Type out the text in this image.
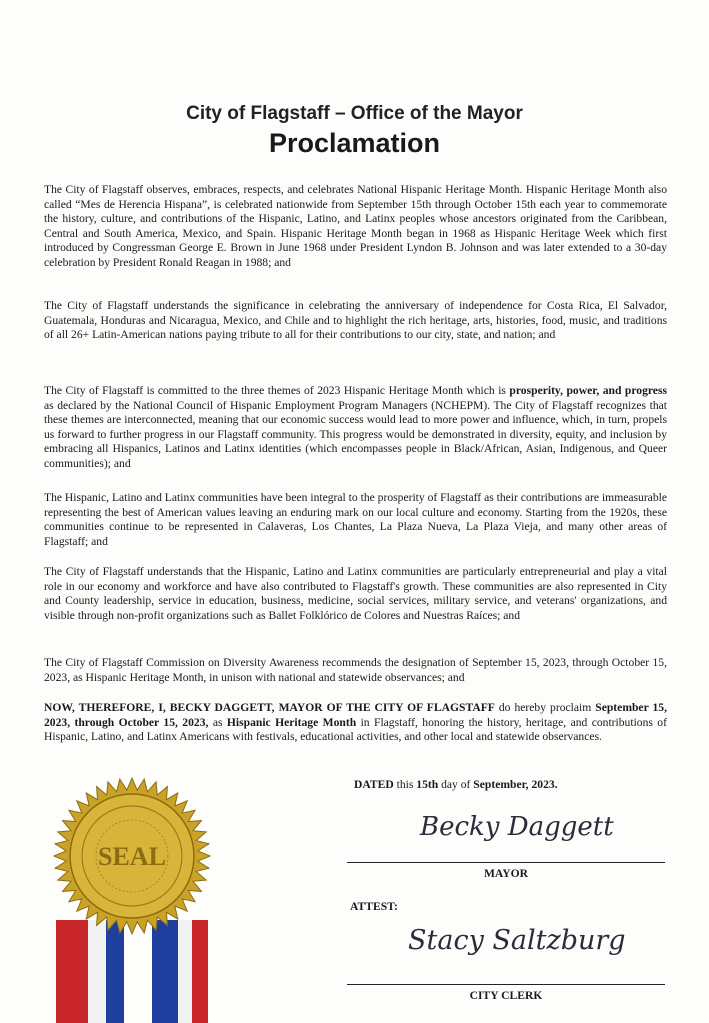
City of Flagstaff – Office of the Mayor
Proclamation

The City of Flagstaff observes, embraces, respects, and celebrates National Hispanic Heritage Month. Hispanic Heritage Month also called “Mes de Herencia Hispana”, is celebrated nationwide from September 15th through October 15th each year to commemorate the history, culture, and contributions of the Hispanic, Latino, and Latinx peoples whose ancestors originated from the Caribbean, Central and South America, Mexico, and Spain. Hispanic Heritage Month began in 1968 as Hispanic Heritage Week which first introduced by Congressman George E. Brown in June 1968 under President Lyndon B. Johnson and was later extended to a 30-day celebration by President Ronald Reagan in 1988; and

The City of Flagstaff understands the significance in celebrating the anniversary of independence for Costa Rica, El Salvador, Guatemala, Honduras and Nicaragua, Mexico, and Chile and to highlight the rich heritage, arts, histories, food, music, and traditions of all 26+ Latin-American nations paying tribute to all for their contributions to our city, state, and nation; and

The City of Flagstaff is committed to the three themes of 2023 Hispanic Heritage Month which is prosperity, power, and progress as declared by the National Council of Hispanic Employment Program Managers (NCHEPM). The City of Flagstaff recognizes that these themes are interconnected, meaning that our economic success would lead to more power and influence, which, in turn, propels us forward to further progress in our Flagstaff community. This progress would be demonstrated in diversity, equity, and inclusion by embracing all Hispanics, Latinos and Latinx identities (which encompasses people in Black/African, Asian, Indigenous, and Queer communities); and

The Hispanic, Latino and Latinx communities have been integral to the prosperity of Flagstaff as their contributions are immeasurable representing the best of American values leaving an enduring mark on our local culture and economy. Starting from the 1920s, these communities continue to be represented in Calaveras, Los Chantes, La Plaza Nueva, La Plaza Vieja, and many other areas of Flagstaff; and

The City of Flagstaff understands that the Hispanic, Latino and Latinx communities are particularly entrepreneurial and play a vital role in our economy and workforce and have also contributed to Flagstaff's growth. These communities are also represented in City and County leadership, service in education, business, medicine, social services, military service, and veterans' organizations, and visible through non-profit organizations such as Ballet Folklórico de Colores and Nuestras Raíces; and

The City of Flagstaff Commission on Diversity Awareness recommends the designation of September 15, 2023, through October 15, 2023, as Hispanic Heritage Month, in unison with national and statewide observances; and

NOW, THEREFORE, I, BECKY DAGGETT, MAYOR OF THE CITY OF FLAGSTAFF do hereby proclaim September 15, 2023, through October 15, 2023, as Hispanic Heritage Month in Flagstaff, honoring the history, heritage, and contributions of Hispanic, Latino, and Latinx Americans with festivals, educational activities, and other local and statewide observances.

DATED this 15th day of September, 2023.
Becky Daggett
MAYOR
ATTEST:
Stacy Saltzburg
CITY CLERK
SEAL
